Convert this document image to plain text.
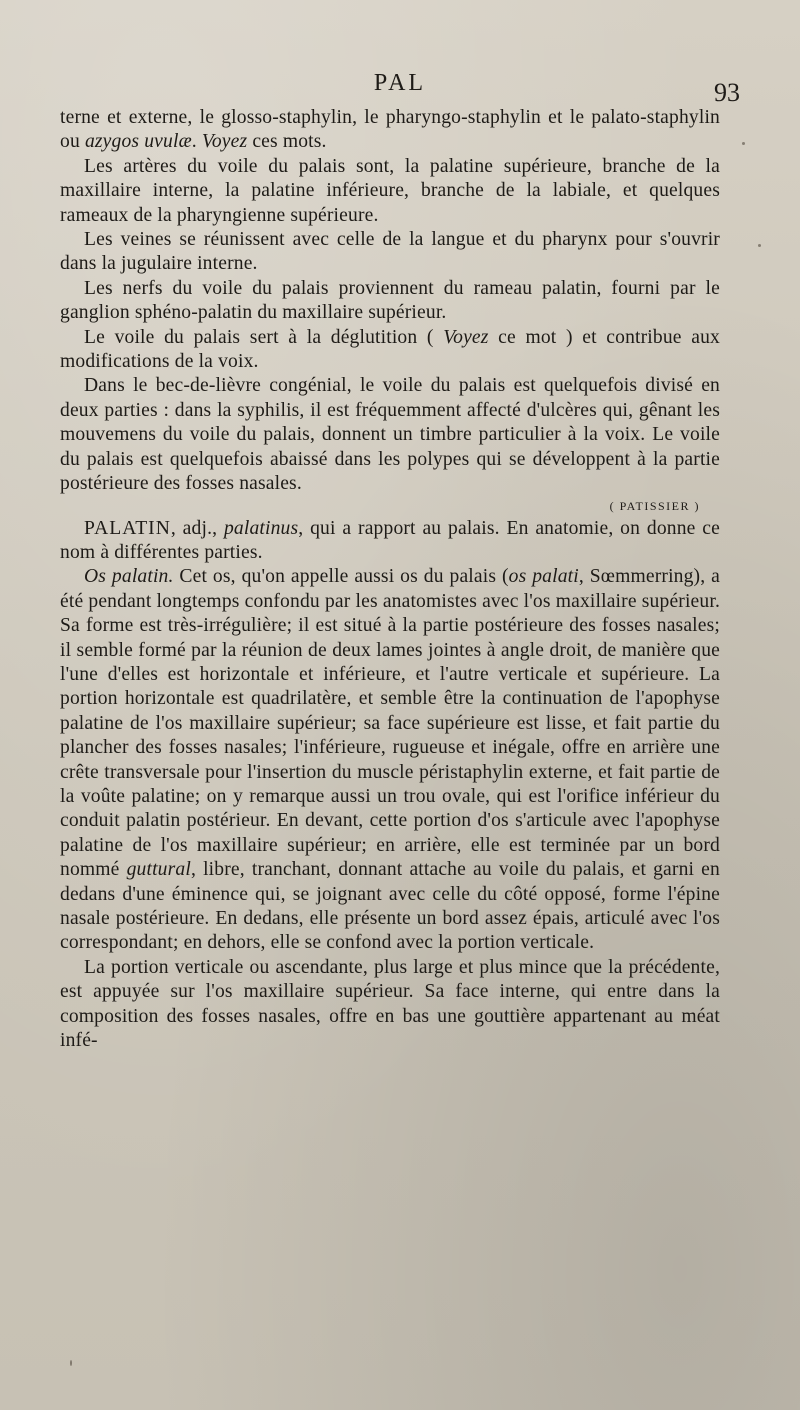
PAL	93

terne et externe, le glosso-staphylin, le pharyngo-staphylin et le palato-staphylin ou azygos uvulæ. Voyez ces mots.

Les artères du voile du palais sont, la palatine supérieure, branche de la maxillaire interne, la palatine inférieure, branche de la labiale, et quelques rameaux de la pharyngienne supérieure.

Les veines se réunissent avec celle de la langue et du pharynx pour s'ouvrir dans la jugulaire interne.

Les nerfs du voile du palais proviennent du rameau palatin, fourni par le ganglion sphéno-palatin du maxillaire supérieur.

Le voile du palais sert à la déglutition ( Voyez ce mot ) et contribue aux modifications de la voix.

Dans le bec-de-lièvre congénial, le voile du palais est quelquefois divisé en deux parties : dans la syphilis, il est fréquemment affecté d'ulcères qui, gênant les mouvemens du voile du palais, donnent un timbre particulier à la voix. Le voile du palais est quelquefois abaissé dans les polypes qui se développent à la partie postérieure des fosses nasales.

( PATISSIER )

PALATIN, adj., palatinus, qui a rapport au palais. En anatomie, on donne ce nom à différentes parties.

Os palatin. Cet os, qu'on appelle aussi os du palais (os palati, Sœmmerring), a été pendant longtemps confondu par les anatomistes avec l'os maxillaire supérieur. Sa forme est très-irrégulière; il est situé à la partie postérieure des fosses nasales; il semble formé par la réunion de deux lames jointes à angle droit, de manière que l'une d'elles est horizontale et inférieure, et l'autre verticale et supérieure. La portion horizontale est quadrilatère, et semble être la continuation de l'apophyse palatine de l'os maxillaire supérieur; sa face supérieure est lisse, et fait partie du plancher des fosses nasales; l'inférieure, rugueuse et inégale, offre en arrière une crête transversale pour l'insertion du muscle péristaphylin externe, et fait partie de la voûte palatine; on y remarque aussi un trou ovale, qui est l'orifice inférieur du conduit palatin postérieur. En devant, cette portion d'os s'articule avec l'apophyse palatine de l'os maxillaire supérieur; en arrière, elle est terminée par un bord nommé guttural, libre, tranchant, donnant attache au voile du palais, et garni en dedans d'une éminence qui, se joignant avec celle du côté opposé, forme l'épine nasale postérieure. En dedans, elle présente un bord assez épais, articulé avec l'os correspondant; en dehors, elle se confond avec la portion verticale.

La portion verticale ou ascendante, plus large et plus mince que la précédente, est appuyée sur l'os maxillaire supérieur. Sa face interne, qui entre dans la composition des fosses nasales, offre en bas une gouttière appartenant au méat infé-
